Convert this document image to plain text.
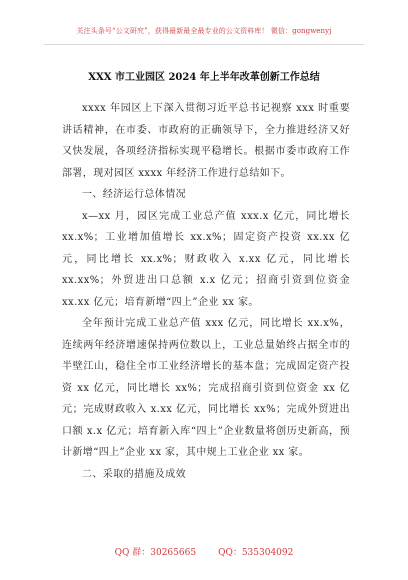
关注头条号“公文研究”，获得最新最全最专业的公文资料库！ 微信：gongwenyj
XXX 市工业园区 2024 年上半年改革创新工作总结

xxxx 年园区上下深入贯彻习近平总书记视察 xxx 时重要讲话精神，在市委、市政府的正确领导下，全力推进经济又好又快发展，各项经济指标实现平稳增长。根据市委市政府工作部署，现对园区 xxxx 年经济工作进行总结如下。

一、经济运行总体情况

x—xx 月，园区完成工业总产值 xxx.x 亿元，同比增长 xx.x%；工业增加值增长 xx.x%；固定资产投资 xx.xx 亿元，同比增长 xx.x%；财政收入 x.xx 亿元，同比增长 xx.xx%；外贸进出口总额 x.x 亿元；招商引资到位资金 xx.xx 亿元；培育新增“四上”企业 xx 家。

全年预计完成工业总产值 xxx 亿元，同比增长 xx.x%，连续两年经济增速保持两位数以上，工业总量始终占据全市的半壁江山，稳住全市工业经济增长的基本盘；完成固定资产投资 xx 亿元，同比增长 xx%；完成招商引资到位资金 xx 亿元；完成财政收入 x.xx 亿元，同比增长 xx%；完成外贸进出口额 x.x 亿元；培育新入库“四上”企业数量将创历史新高，预计新增“四上”企业 xx 家，其中规上工业企业 xx 家。

二、采取的措施及成效

QQ 群：30265665 QQ：535304092
